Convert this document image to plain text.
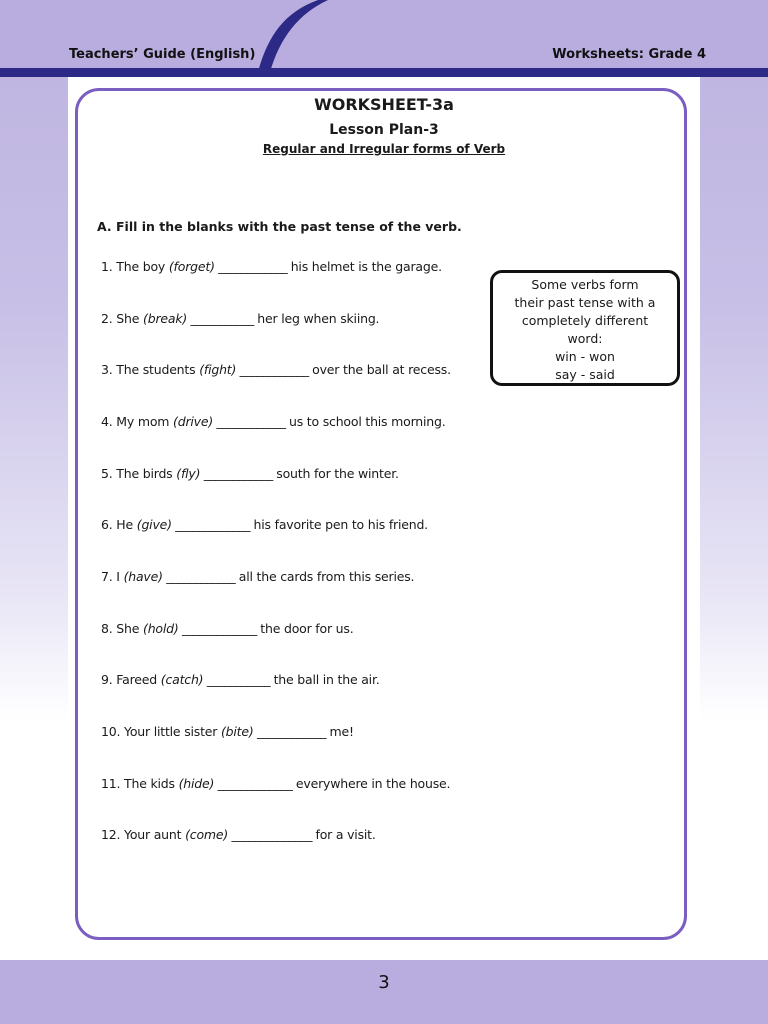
Teachers’ Guide (English)	Worksheets: Grade 4
WORKSHEET-3a
Lesson Plan-3
Regular and Irregular forms of Verb
A. Fill in the blanks with the past tense of the verb.
1. The boy (forget) ____________ his helmet is the garage.
2. She (break) ___________ her leg when skiing.
3. The students (fight) ____________ over the ball at recess.
4. My mom (drive) ____________ us to school this morning.
5. The birds (fly) ____________ south for the winter.
6. He (give) _____________ his favorite pen to his friend.
7. I (have) ____________ all the cards from this series.
8. She (hold) _____________ the door for us.
9. Fareed (catch) ___________ the ball in the air.
10. Your little sister (bite) ____________ me!
11. The kids (hide) _____________ everywhere in the house.
12. Your aunt (come) ______________ for a visit.
Some verbs form
their past tense with a
completely different
word:
win - won
say - said
3
